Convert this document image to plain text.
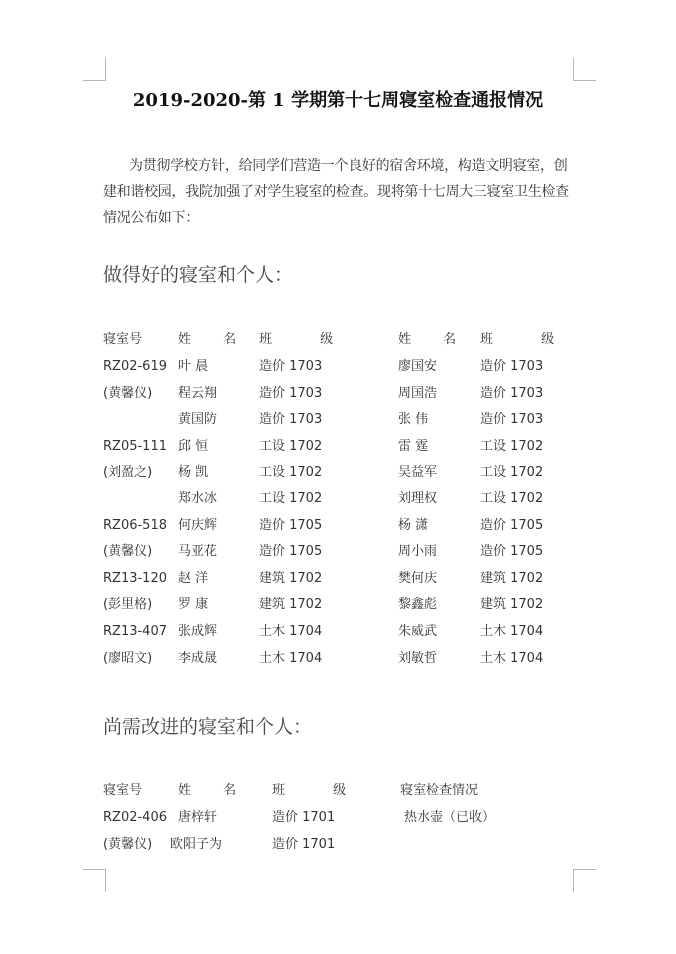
2019-2020-第 1 学期第十七周寝室检查通报情况
为贯彻学校方针，给同学们营造一个良好的宿舍环境，构造文明寝室，创建和谐校园，我院加强了对学生寝室的检查。现将第十七周大三寝室卫生检查情况公布如下：
做得好的寝室和个人：
寝室号	姓 名 班 级	姓 名 班 级
RZ02-619 叶 晨	造价 1703	廖国安	造价 1703
(黄馨仪) 程云翔	造价 1703	周国浩	造价 1703
黄国防	造价 1703	张 伟	造价 1703
RZ05-111 邱 恒	工设 1702	雷 霆	工设 1702
(刘盈之) 杨 凯	工设 1702	吴益军	工设 1702
郑水冰	工设 1702	刘理权	工设 1702
RZ06-518 何庆辉	造价 1705	杨 潇	造价 1705
(黄馨仪) 马亚花	造价 1705	周小雨	造价 1705
RZ13-120 赵 洋	建筑 1702	樊何庆	建筑 1702
(彭里格) 罗 康	建筑 1702	黎鑫彪	建筑 1702
RZ13-407 张成辉	土木 1704	朱威武	土木 1704
(廖昭文) 李成晟	土木 1704	刘敏哲	土木 1704
尚需改进的寝室和个人：
寝室号	姓 名 班 级 寝室检查情况
RZ02-406 唐梓轩	造价 1701	热水壶（已收）
(黄馨仪) 欧阳子为	造价 1701
